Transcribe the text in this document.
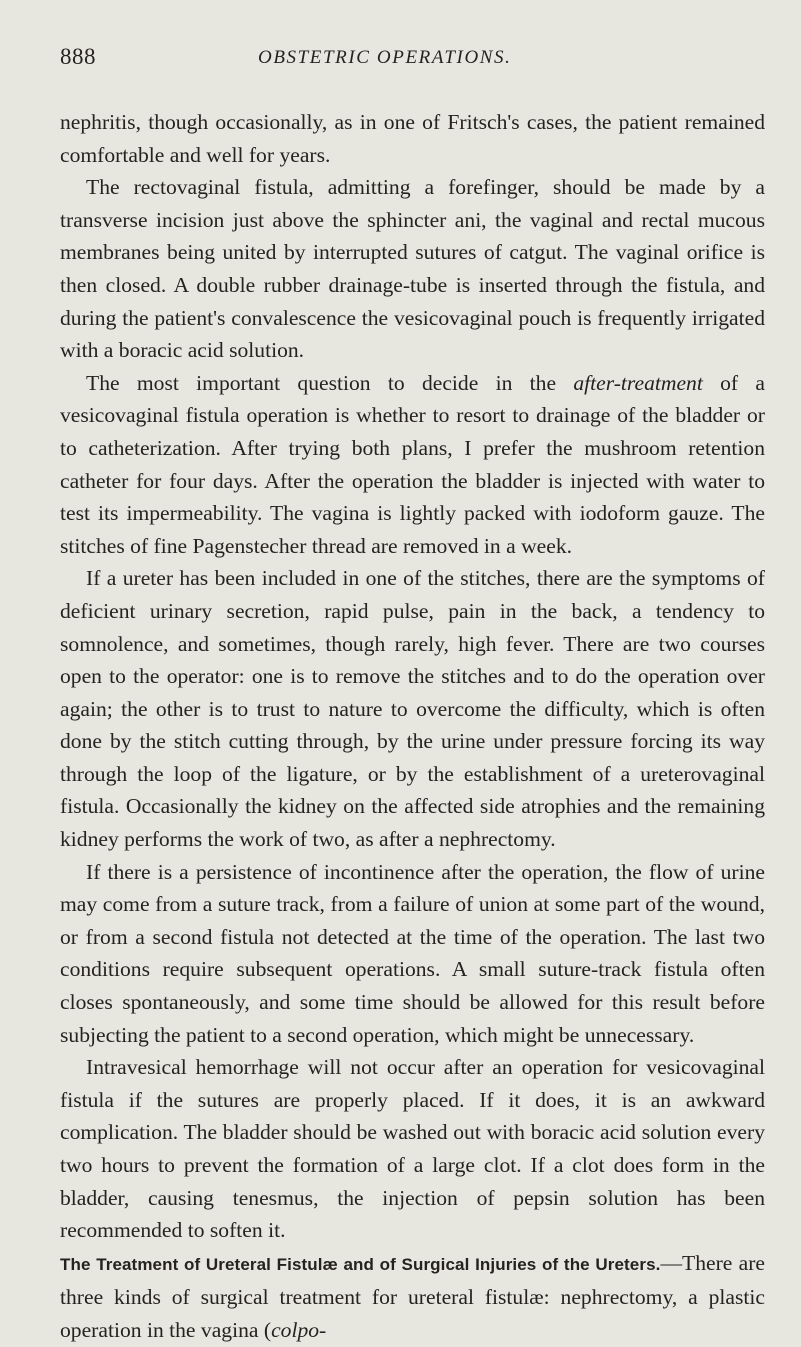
888	OBSTETRIC OPERATIONS.

nephritis, though occasionally, as in one of Fritsch's cases, the patient remained comfortable and well for years.

The rectovaginal fistula, admitting a forefinger, should be made by a transverse incision just above the sphincter ani, the vaginal and rectal mucous membranes being united by interrupted sutures of catgut. The vaginal orifice is then closed. A double rubber drainage-tube is inserted through the fistula, and during the patient's convalescence the vesicovaginal pouch is frequently irrigated with a boracic acid solution.

The most important question to decide in the after-treatment of a vesicovaginal fistula operation is whether to resort to drainage of the bladder or to catheterization. After trying both plans, I prefer the mushroom retention catheter for four days. After the operation the bladder is injected with water to test its impermeability. The vagina is lightly packed with iodoform gauze. The stitches of fine Pagenstecher thread are removed in a week.

If a ureter has been included in one of the stitches, there are the symptoms of deficient urinary secretion, rapid pulse, pain in the back, a tendency to somnolence, and sometimes, though rarely, high fever. There are two courses open to the operator: one is to remove the stitches and to do the operation over again; the other is to trust to nature to overcome the difficulty, which is often done by the stitch cutting through, by the urine under pressure forcing its way through the loop of the ligature, or by the establishment of a ureterovaginal fistula. Occasionally the kidney on the affected side atrophies and the remaining kidney performs the work of two, as after a nephrectomy.

If there is a persistence of incontinence after the operation, the flow of urine may come from a suture track, from a failure of union at some part of the wound, or from a second fistula not detected at the time of the operation. The last two conditions require subsequent operations. A small suture-track fistula often closes spontaneously, and some time should be allowed for this result before subjecting the patient to a second operation, which might be unnecessary.

Intravesical hemorrhage will not occur after an operation for vesicovaginal fistula if the sutures are properly placed. If it does, it is an awkward complication. The bladder should be washed out with boracic acid solution every two hours to prevent the formation of a large clot. If a clot does form in the bladder, causing tenesmus, the injection of pepsin solution has been recommended to soften it.

The Treatment of Ureteral Fistulæ and of Surgical Injuries of the Ureters.—There are three kinds of surgical treatment for ureteral fistulæ: nephrectomy, a plastic operation in the vagina (colpo-
